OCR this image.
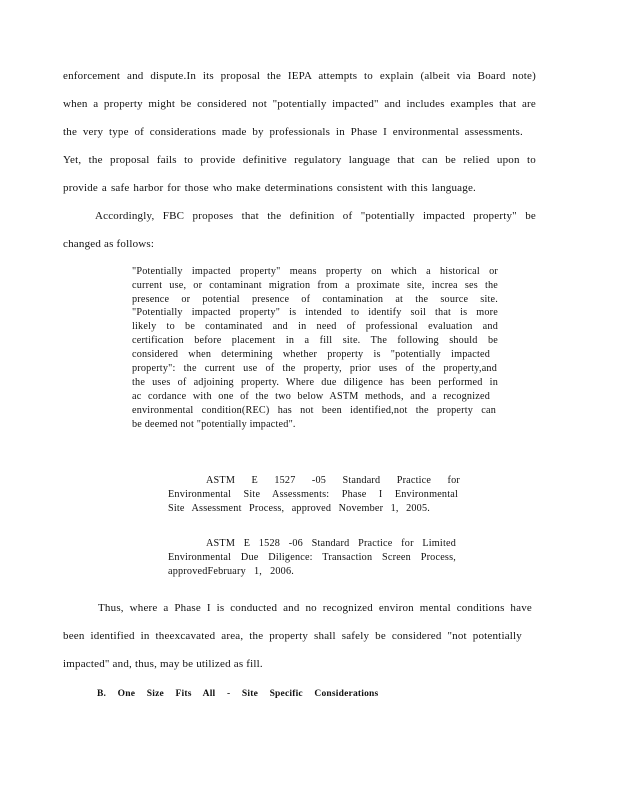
enforcement and dispute.In its proposal the IEPA attempts to explain (albeit via Board note)
when a property might be considered not "potentially impacted" and includes examples that are
the very type of considerations made by professionals in Phase I environmental assessments.
Yet, the proposal fails to provide definitive regulatory language that can be relied upon to
provide a safe harbor for those who make determinations consistent with this language.
Accordingly, FBC proposes that the definition of "potentially impacted property" be
changed as follows:
"Potentially impacted property" means property on which a historical or
current use, or contaminant migration from a proximate site, increa ses the
presence or potential presence of contamination at the source site.
"Potentially impacted property" is intended to identify soil that is more
likely to be contaminated and in need of professional evaluation and
certification before placement in a fill site. The following should be
considered when determining whether property is "potentially impacted
property": the current use of the property, prior uses of the property,and
the uses of adjoining property. Where due diligence has been performed in
ac cordance with one of the two below ASTM methods, and a recognized
environmental condition(REC) has not been identified,not the property can
be deemed not "potentially impacted".
ASTM E 1527 -05 Standard Practice for
Environmental Site Assessments: Phase I Environmental
Site Assessment Process, approved November 1, 2005.
ASTM E 1528 -06 Standard Practice for Limited
Environmental Due Diligence: Transaction Screen Process,
approvedFebruary 1, 2006.
Thus, where a Phase I is conducted and no recognized environ mental conditions have
been identified in theexcavated area, the property shall safely be considered "not potentially
impacted" and, thus, may be utilized as fill.
B. One Size Fits All - Site Specific Considerations
